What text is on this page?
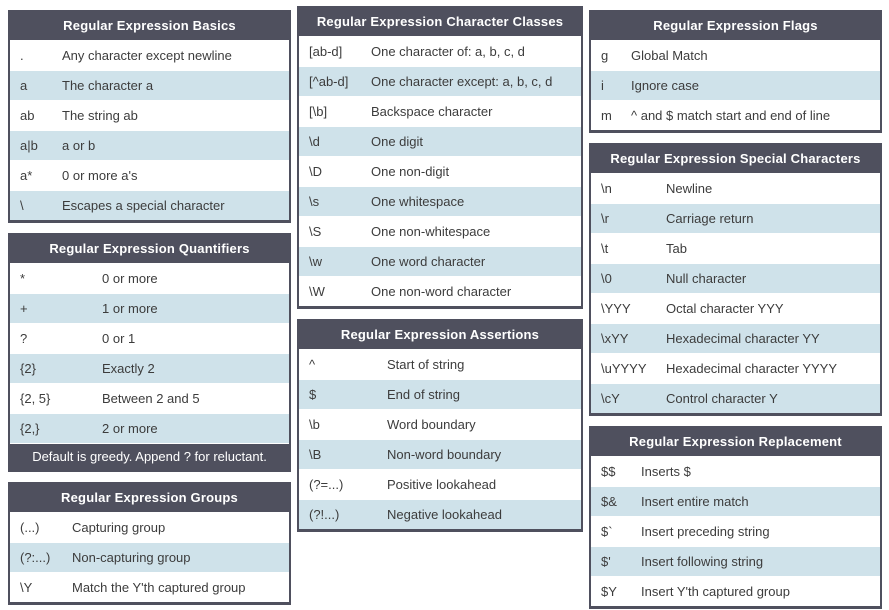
Regular Expression Basics
.	Any character except newline
a	The character a
ab	The string ab
a|b	a or b
a*	0 or more a's
\	Escapes a special character
Regular Expression Quantifiers
*	0 or more
+	1 or more
?	0 or 1
{2}	Exactly 2
{2, 5}	Between 2 and 5
{2,}	2 or more
Default is greedy. Append ? for reluctant.
Regular Expression Groups
(...)	Capturing group
(?:...)	Non-capturing group
\Y	Match the Y'th captured group
Regular Expression Character Classes
[ab-d]	One character of: a, b, c, d
[^ab-d]	One character except: a, b, c, d
[\b]	Backspace character
\d	One digit
\D	One non-digit
\s	One whitespace
\S	One non-whitespace
\w	One word character
\W	One non-word character
Regular Expression Assertions
^	Start of string
$	End of string
\b	Word boundary
\B	Non-word boundary
(?=...)	Positive lookahead
(?!...)	Negative lookahead
Regular Expression Flags
g	Global Match
i	Ignore case
m	^ and $ match start and end of line
Regular Expression Special Characters
\n	Newline
\r	Carriage return
\t	Tab
\0	Null character
\YYY	Octal character YYY
\xYY	Hexadecimal character YY
\uYYYY	Hexadecimal character YYYY
\cY	Control character Y
Regular Expression Replacement
$$	Inserts $
$&	Insert entire match
$`	Insert preceding string
$'	Insert following string
$Y	Insert Y'th captured group
